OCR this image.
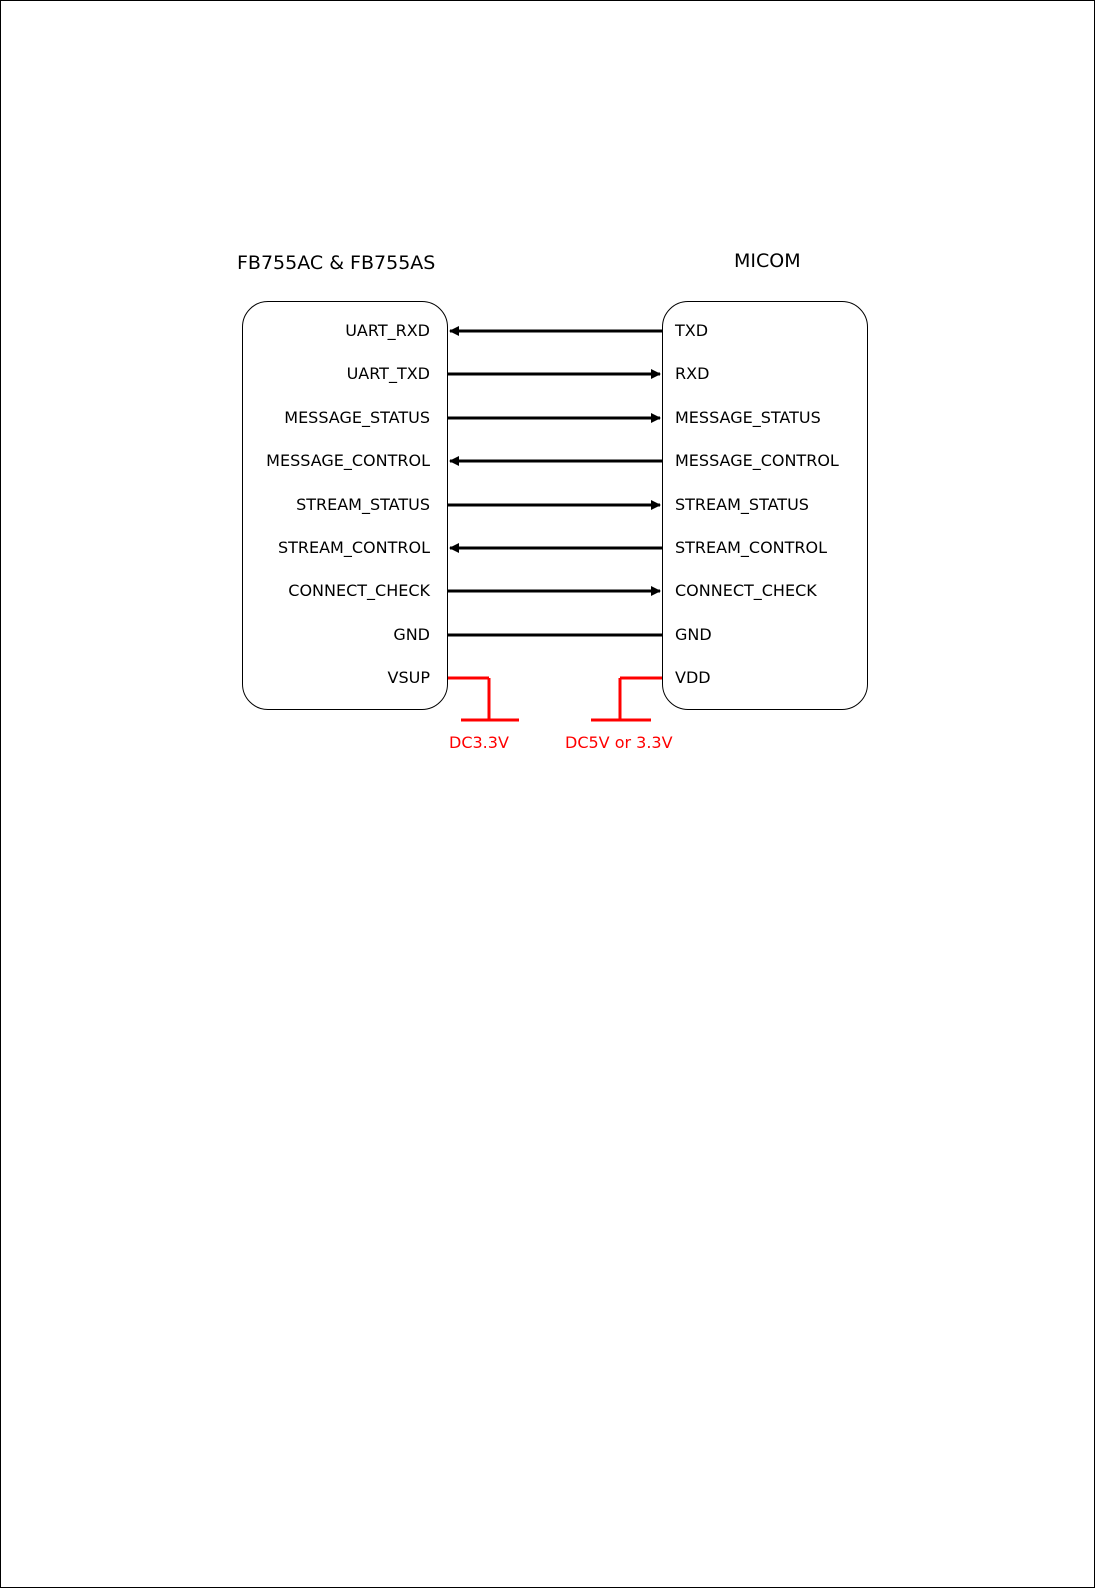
FB755AC & FB755AS	MICOM
UART_RXD	TXD
UART_TXD	RXD
MESSAGE_STATUS	MESSAGE_STATUS
MESSAGE_CONTROL	MESSAGE_CONTROL
STREAM_STATUS	STREAM_STATUS
STREAM_CONTROL	STREAM_CONTROL
CONNECT_CHECK	CONNECT_CHECK
GND	GND
VSUP	VDD
DC3.3V	DC5V or 3.3V
